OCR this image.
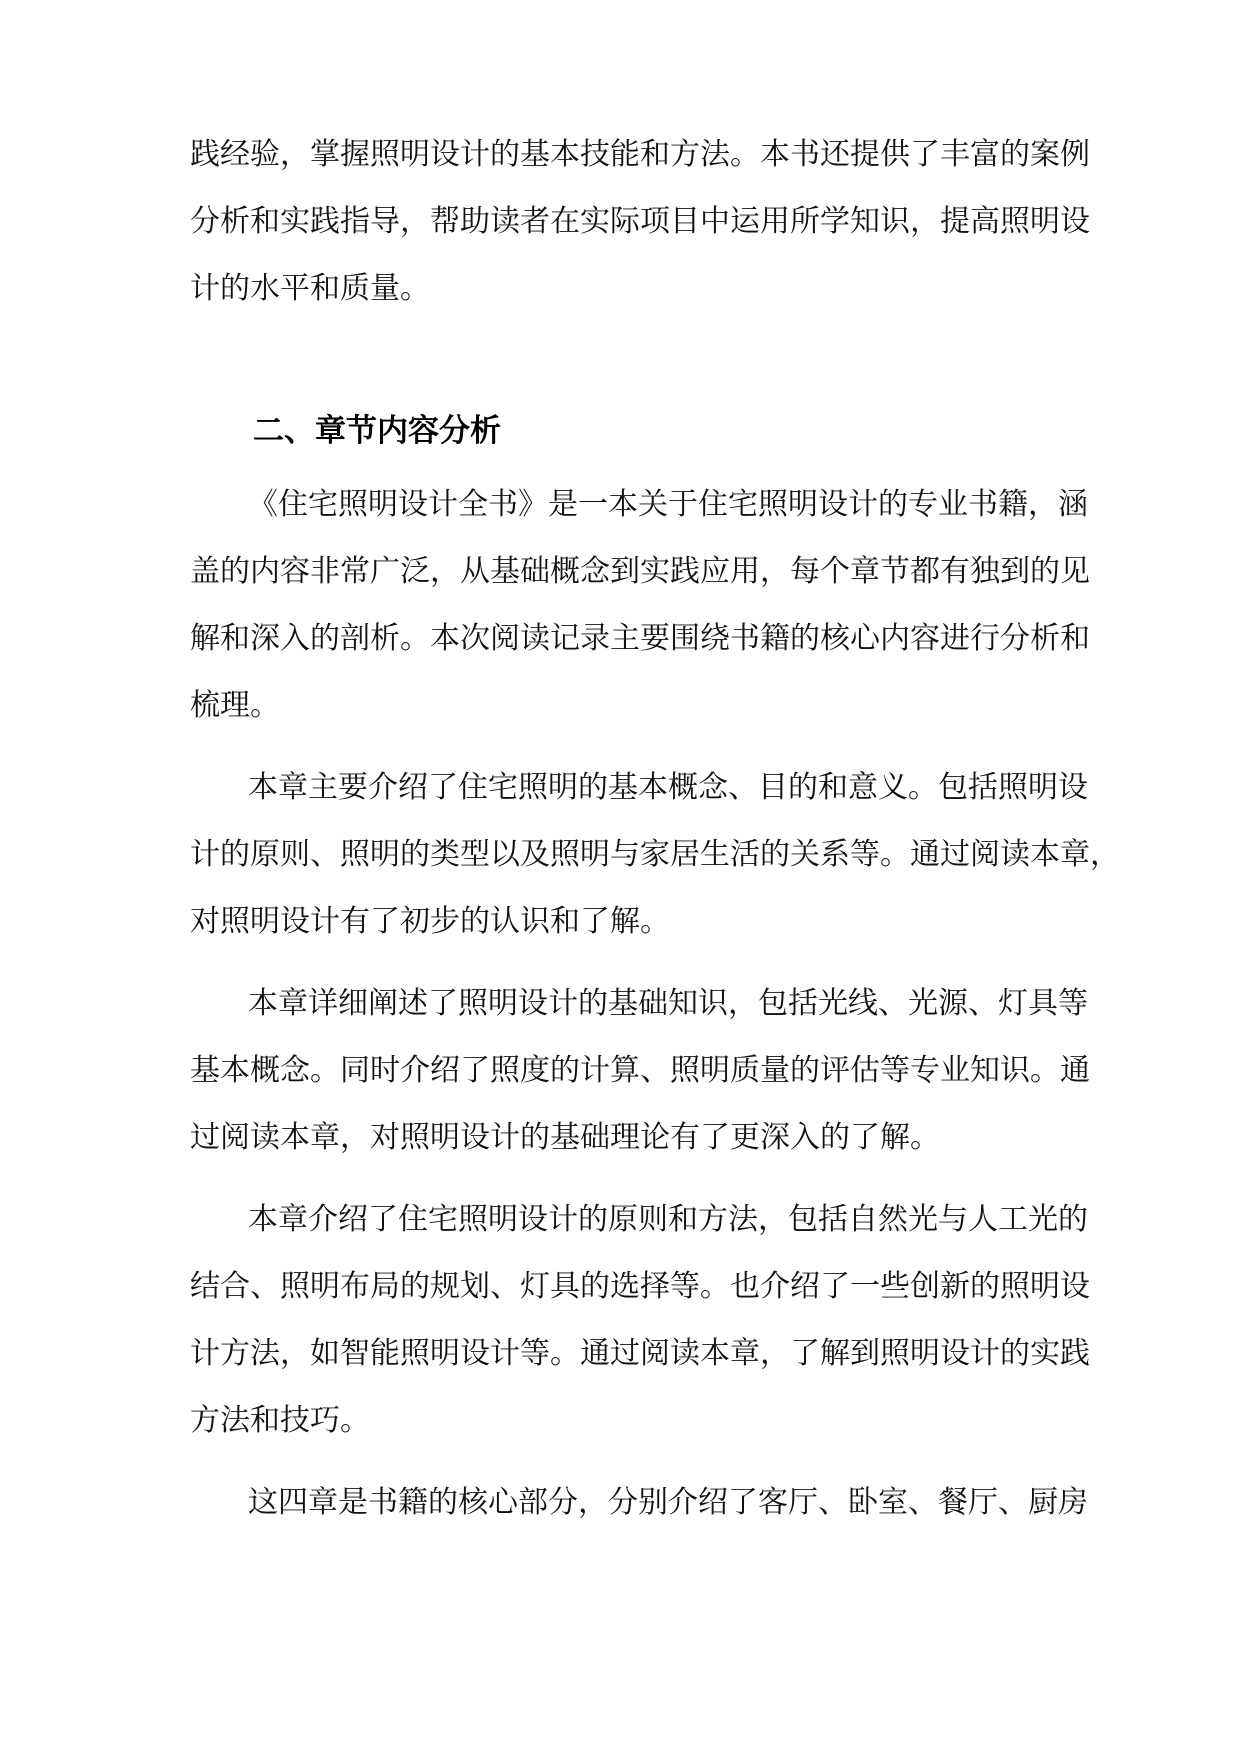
践经验，掌握照明设计的基本技能和方法。本书还提供了丰富的案例
分析和实践指导，帮助读者在实际项目中运用所学知识，提高照明设
计的水平和质量。
二、章节内容分析
《住宅照明设计全书》是一本关于住宅照明设计的专业书籍，涵
盖的内容非常广泛，从基础概念到实践应用，每个章节都有独到的见
解和深入的剖析。本次阅读记录主要围绕书籍的核心内容进行分析和
梳理。
本章主要介绍了住宅照明的基本概念、目的和意义。包括照明设
计的原则、照明的类型以及照明与家居生活的关系等。通过阅读本章，
对照明设计有了初步的认识和了解。
本章详细阐述了照明设计的基础知识，包括光线、光源、灯具等
基本概念。同时介绍了照度的计算、照明质量的评估等专业知识。通
过阅读本章，对照明设计的基础理论有了更深入的了解。
本章介绍了住宅照明设计的原则和方法，包括自然光与人工光的
结合、照明布局的规划、灯具的选择等。也介绍了一些创新的照明设
计方法，如智能照明设计等。通过阅读本章，了解到照明设计的实践
方法和技巧。
这四章是书籍的核心部分，分别介绍了客厅、卧室、餐厅、厨房
